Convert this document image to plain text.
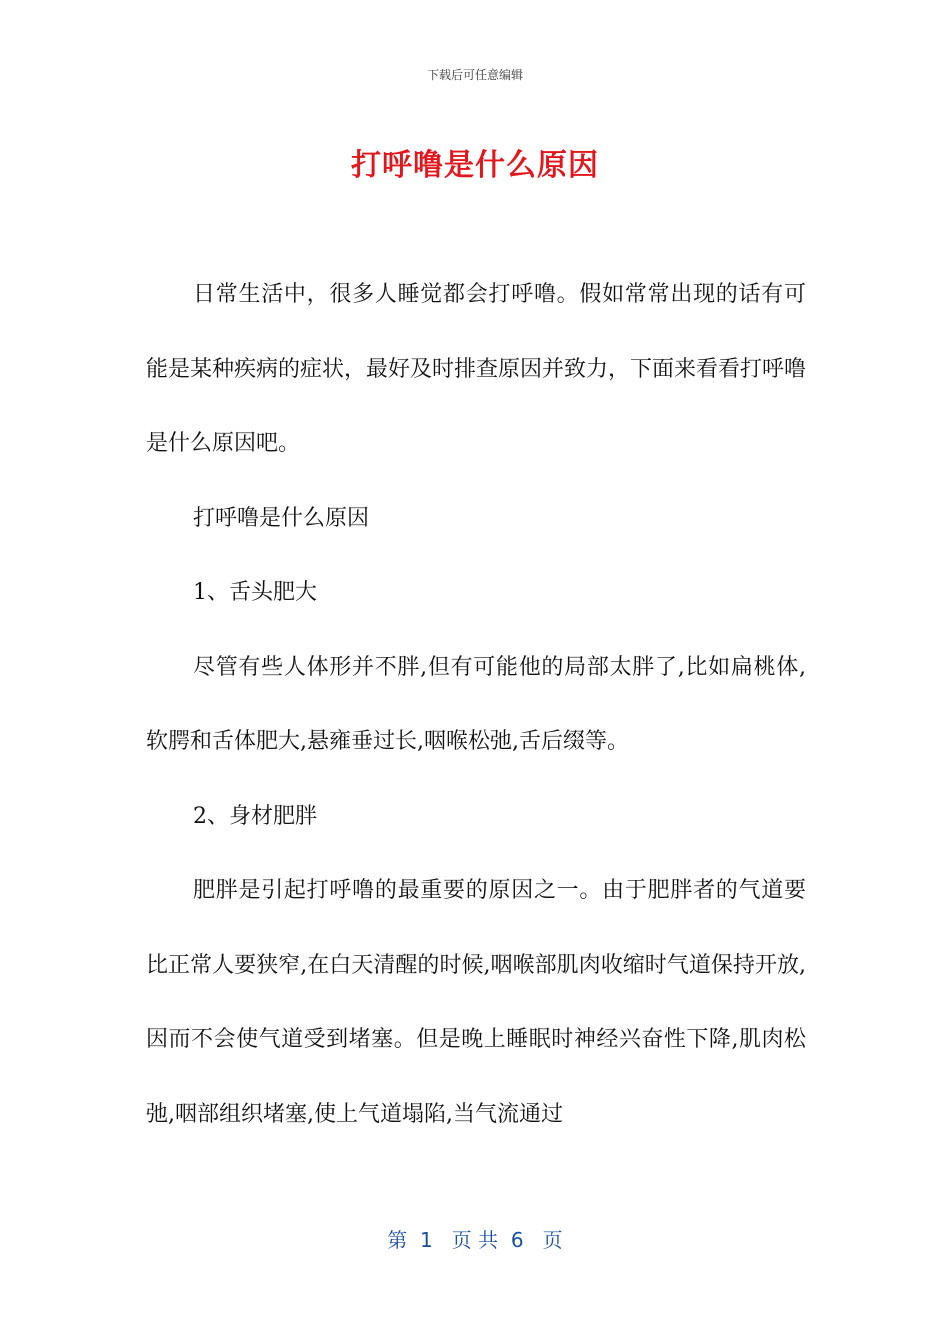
下载后可任意编辑
打呼噜是什么原因

日常生活中，很多人睡觉都会打呼噜。假如常常出现的话有可能是某种疾病的症状，最好及时排查原因并致力，下面来看看打呼噜是什么原因吧。

打呼噜是什么原因

1、舌头肥大

尽管有些人体形并不胖,但有可能他的局部太胖了,比如扁桃体,软腭和舌体肥大,悬雍垂过长,咽喉松弛,舌后缀等。

2、身材肥胖

肥胖是引起打呼噜的最重要的原因之一。由于肥胖者的气道要比正常人要狭窄,在白天清醒的时候,咽喉部肌肉收缩时气道保持开放,因而不会使气道受到堵塞。但是晚上睡眠时神经兴奋性下降,肌肉松弛,咽部组织堵塞,使上气道塌陷,当气流通过

第  1   页 共  6   页
